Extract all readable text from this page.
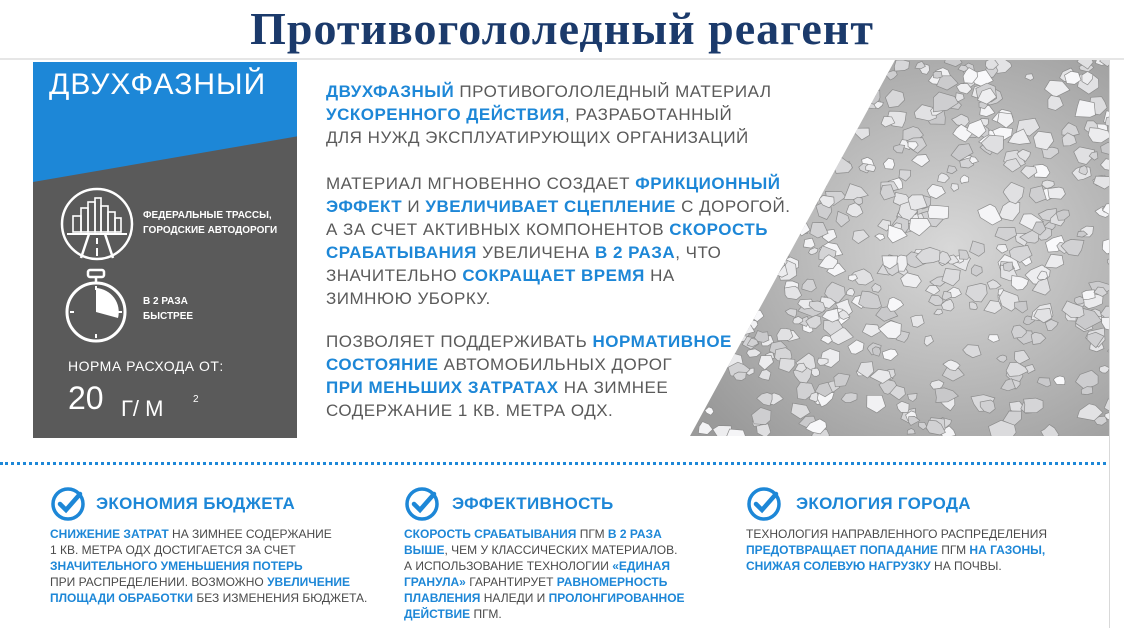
Противогололедный реагент
ДВУХФАЗНЫЙ
ФЕДЕРАЛЬНЫЕ ТРАССЫ,
ГОРОДСКИЕ АВТОДОРОГИ
В 2 РАЗА
БЫСТРЕЕ
НОРМА РАСХОДА ОТ:
20 Г/ М	2
ДВУХФАЗНЫЙ ПРОТИВОГОЛОЛЕДНЫЙ МАТЕРИАЛ
УСКОРЕННОГО ДЕЙСТВИЯ, РАЗРАБОТАННЫЙ
ДЛЯ НУЖД ЭКСПЛУАТИРУЮЩИХ ОРГАНИЗАЦИЙ
МАТЕРИАЛ МГНОВЕННО СОЗДАЕТ ФРИКЦИОННЫЙ
ЭФФЕКТ И УВЕЛИЧИВАЕТ СЦЕПЛЕНИЕ С ДОРОГОЙ.
А ЗА СЧЕТ АКТИВНЫХ КОМПОНЕНТОВ СКОРОСТЬ
СРАБАТЫВАНИЯ УВЕЛИЧЕНА В 2 РАЗА, ЧТО
ЗНАЧИТЕЛЬНО СОКРАЩАЕТ ВРЕМЯ НА
ЗИМНЮЮ УБОРКУ.
ПОЗВОЛЯЕТ ПОДДЕРЖИВАТЬ НОРМАТИВНОЕ
СОСТОЯНИЕ АВТОМОБИЛЬНЫХ ДОРОГ
ПРИ МЕНЬШИХ ЗАТРАТАХ НА ЗИМНЕЕ
СОДЕРЖАНИЕ 1 КВ. МЕТРА ОДХ.
ЭКОНОМИЯ БЮДЖЕТА
СНИЖЕНИЕ ЗАТРАТ НА ЗИМНЕЕ СОДЕРЖАНИЕ
1 КВ. МЕТРА ОДХ ДОСТИГАЕТСЯ ЗА СЧЕТ
ЗНАЧИТЕЛЬНОГО УМЕНЬШЕНИЯ ПОТЕРЬ
ПРИ РАСПРЕДЕЛЕНИИ. ВОЗМОЖНО УВЕЛИЧЕНИЕ
ПЛОЩАДИ ОБРАБОТКИ БЕЗ ИЗМЕНЕНИЯ БЮДЖЕТА.
ЭФФЕКТИВНОСТЬ
СКОРОСТЬ СРАБАТЫВАНИЯ ПГМ В 2 РАЗА
ВЫШЕ, ЧЕМ У КЛАССИЧЕСКИХ МАТЕРИАЛОВ.
А ИСПОЛЬЗОВАНИЕ ТЕХНОЛОГИИ «ЕДИНАЯ
ГРАНУЛА» ГАРАНТИРУЕТ РАВНОМЕРНОСТЬ
ПЛАВЛЕНИЯ НАЛЕДИ И ПРОЛОНГИРОВАННОЕ
ДЕЙСТВИЕ ПГМ.
ЭКОЛОГИЯ ГОРОДА
ТЕХНОЛОГИЯ НАПРАВЛЕННОГО РАСПРЕДЕЛЕНИЯ
ПРЕДОТВРАЩАЕТ ПОПАДАНИЕ ПГМ НА ГАЗОНЫ,
СНИЖАЯ СОЛЕВУЮ НАГРУЗКУ НА ПОЧВЫ.
